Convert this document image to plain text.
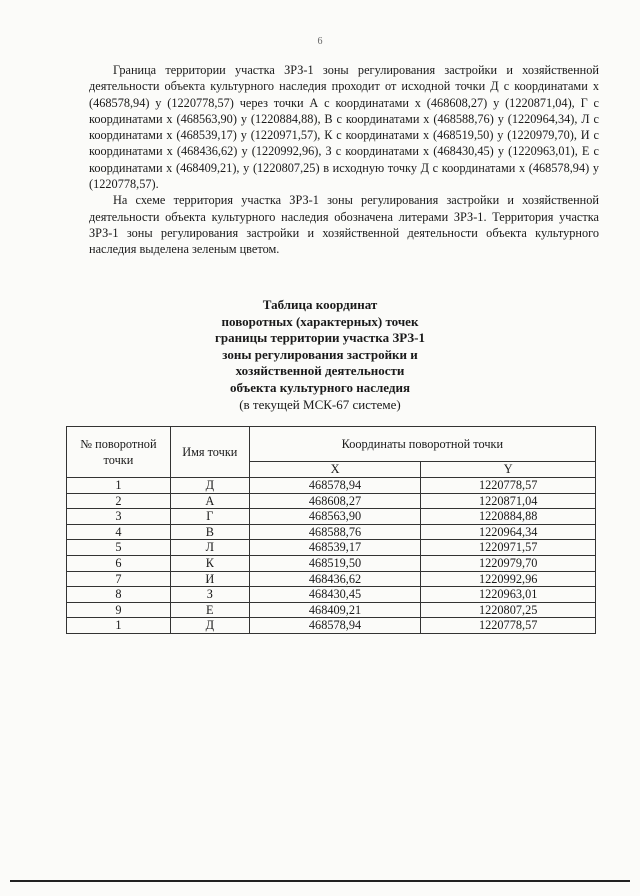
6

Граница территории участка ЗРЗ-1 зоны регулирования застройки и хозяйственной деятельности объекта культурного наследия проходит от исходной точки Д с координатами x (468578,94) y (1220778,57) через точки А с координатами x (468608,27) y (1220871,04), Г с координатами x (468563,90) y (1220884,88), В с координатами x (468588,76) y (1220964,34), Л с координатами x (468539,17) y (1220971,57), К с координатами x (468519,50) y (1220979,70), И с координатами x (468436,62) y (1220992,96), З с координатами x (468430,45) y (1220963,01), Е с координатами x (468409,21), y (1220807,25) в исходную точку Д с координатами x (468578,94) y (1220778,57).

На схеме территория участка ЗРЗ-1 зоны регулирования застройки и хозяйственной деятельности объекта культурного наследия обозначена литерами ЗРЗ-1. Территория участка ЗРЗ-1 зоны регулирования застройки и хозяйственной деятельности объекта культурного наследия выделена зеленым цветом.

Таблица координат
поворотных (характерных) точек
границы территории участка ЗРЗ-1
зоны регулирования застройки и
хозяйственной деятельности
объекта культурного наследия
(в текущей МСК-67 системе)
№ поворотной точки	Имя точки	Координаты поворотной точки	
		X	Y
1	Д	468578,94	1220778,57
2	А	468608,27	1220871,04
3	Г	468563,90	1220884,88
4	В	468588,76	1220964,34
5	Л	468539,17	1220971,57
6	К	468519,50	1220979,70
7	И	468436,62	1220992,96
8	З	468430,45	1220963,01
9	Е	468409,21	1220807,25
1	Д	468578,94	1220778,57
